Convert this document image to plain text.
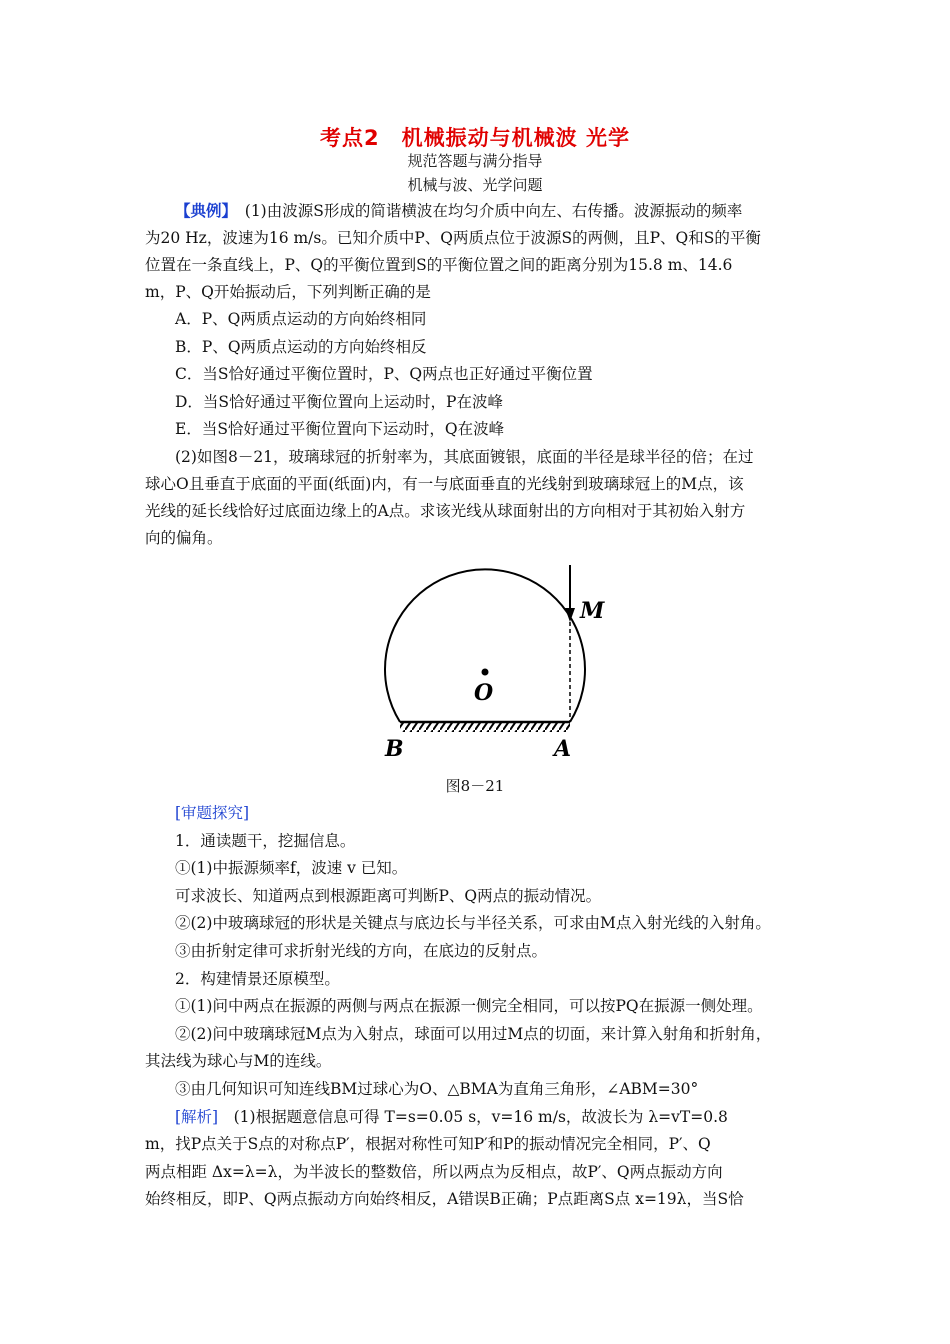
考点2　机械振动与机械波 光学
规范答题与满分指导
机械与波、光学问题
【典例】　(1)由波源S形成的简谐横波在均匀介质中向左、右传播。波源振动的频率
为20 Hz，波速为16 m/s。已知介质中P、Q两质点位于波源S的两侧，且P、Q和S的平衡
位置在一条直线上，P、Q的平衡位置到S的平衡位置之间的距离分别为15.8 m、14.6
m，P、Q开始振动后，下列判断正确的是
A．P、Q两质点运动的方向始终相同
B．P、Q两质点运动的方向始终相反
C．当S恰好通过平衡位置时，P、Q两点也正好通过平衡位置
D．当S恰好通过平衡位置向上运动时，P在波峰
E．当S恰好通过平衡位置向下运动时，Q在波峰
(2)如图8－21，玻璃球冠的折射率为，其底面镀银，底面的半径是球半径的倍；在过
球心O且垂直于底面的平面(纸面)内，有一与底面垂直的光线射到玻璃球冠上的M点，该
光线的延长线恰好过底面边缘上的A点。求该光线从球面射出的方向相对于其初始入射方
向的偏角。
M
O
B	A
图8－21
[审题探究]
1．通读题干，挖掘信息。
①(1)中振源频率f，波速 v 已知。
可求波长、知道两点到根源距离可判断P、Q两点的振动情况。
②(2)中玻璃球冠的形状是关键点与底边长与半径关系，可求由M点入射光线的入射角。
③由折射定律可求折射光线的方向，在底边的反射点。
2．构建情景还原模型。
①(1)问中两点在振源的两侧与两点在振源一侧完全相同，可以按PQ在振源一侧处理。
②(2)问中玻璃球冠M点为入射点，球面可以用过M点的切面，来计算入射角和折射角，
其法线为球心与M的连线。
③由几何知识可知连线BM过球心为O、△BMA为直角三角形，∠ABM=30°
[解析]　(1)根据题意信息可得 T=s=0.05 s，v=16 m/s，故波长为 λ=vT=0.8
m，找P点关于S点的对称点P′，根据对称性可知P′和P的振动情况完全相同，P′、Q
两点相距 Δx=λ=λ，为半波长的整数倍，所以两点为反相点，故P′、Q两点振动方向
始终相反，即P、Q两点振动方向始终相反，A错误B正确；P点距离S点 x=19λ，当S恰
